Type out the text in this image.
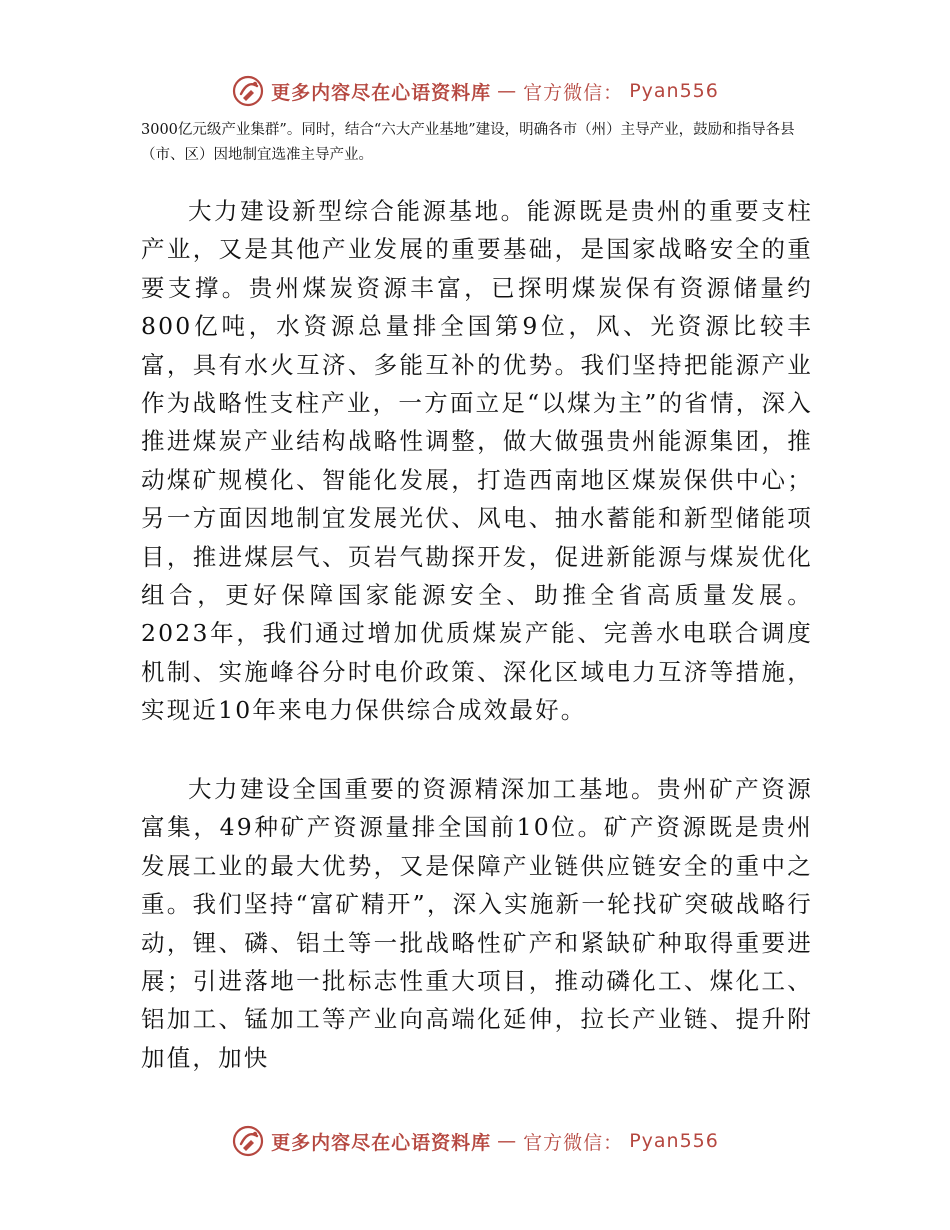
更多内容尽在心语资料库 — 官方微信： Pyan556

3000亿元级产业集群”。同时，结合“六大产业基地”建设，明确各市（州）主导产业，鼓励和指导各县（市、区）因地制宜选准主导产业。

大力建设新型综合能源基地。能源既是贵州的重要支柱产业，又是其他产业发展的重要基础，是国家战略安全的重要支撑。贵州煤炭资源丰富，已探明煤炭保有资源储量约800亿吨，水资源总量排全国第9位，风、光资源比较丰富，具有水火互济、多能互补的优势。我们坚持把能源产业作为战略性支柱产业，一方面立足“以煤为主”的省情，深入推进煤炭产业结构战略性调整，做大做强贵州能源集团，推动煤矿规模化、智能化发展，打造西南地区煤炭保供中心；另一方面因地制宜发展光伏、风电、抽水蓄能和新型储能项目，推进煤层气、页岩气勘探开发，促进新能源与煤炭优化组合，更好保障国家能源安全、助推全省高质量发展。2023年，我们通过增加优质煤炭产能、完善水电联合调度机制、实施峰谷分时电价政策、深化区域电力互济等措施，实现近10年来电力保供综合成效最好。

大力建设全国重要的资源精深加工基地。贵州矿产资源富集，49种矿产资源量排全国前10位。矿产资源既是贵州发展工业的最大优势，又是保障产业链供应链安全的重中之重。我们坚持“富矿精开”，深入实施新一轮找矿突破战略行动，锂、磷、铝土等一批战略性矿产和紧缺矿种取得重要进展；引进落地一批标志性重大项目，推动磷化工、煤化工、铝加工、锰加工等产业向高端化延伸，拉长产业链、提升附加值，加快

更多内容尽在心语资料库 — 官方微信： Pyan556
